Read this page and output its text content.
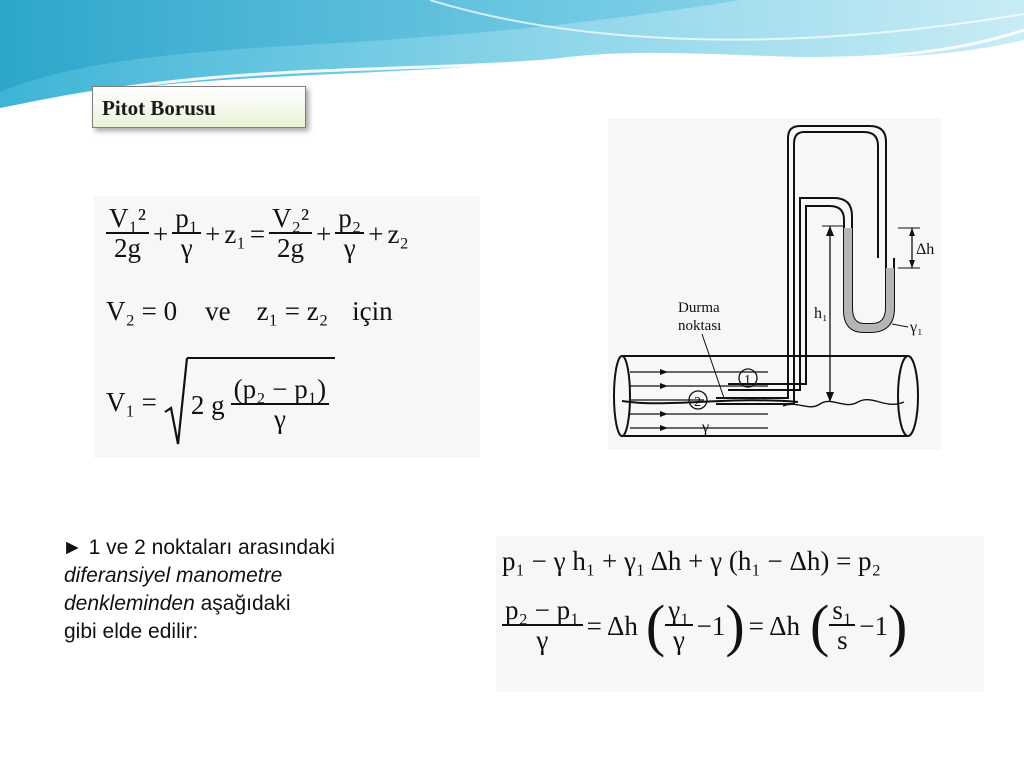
Pitot Borusu
$\frac{\text{V₁²}}{2g} + \frac{\text{p₁}}{\gamma} + z_1 = \frac{\text{V₂²}}{2g} + \frac{\text{p₂}}{\gamma} + z_2$
V₂ = 0	ve z₁ = z₂ için
V₁ = 2 g $\frac{\text{(p₂ − p₁)}}{\gamma}$
► 1 ve 2 noktaları arasındaki
diferansiyel manometre
denkleminden aşağıdaki
gibi elde edilir:
p₁ − γ h₁ + γ₁ Δh + γ (h₁ − Δh) = p₂
$\frac{\text{p₂ − p₁}}{\gamma} = \Delta h$ ( $\frac{\text{γ₁}}{\gamma} -1$ ) = Δh ( $\frac{\text{s₁}}{s} -1$ )
Δh
h₁
γ₁
Durma
noktası
1
2
γ
